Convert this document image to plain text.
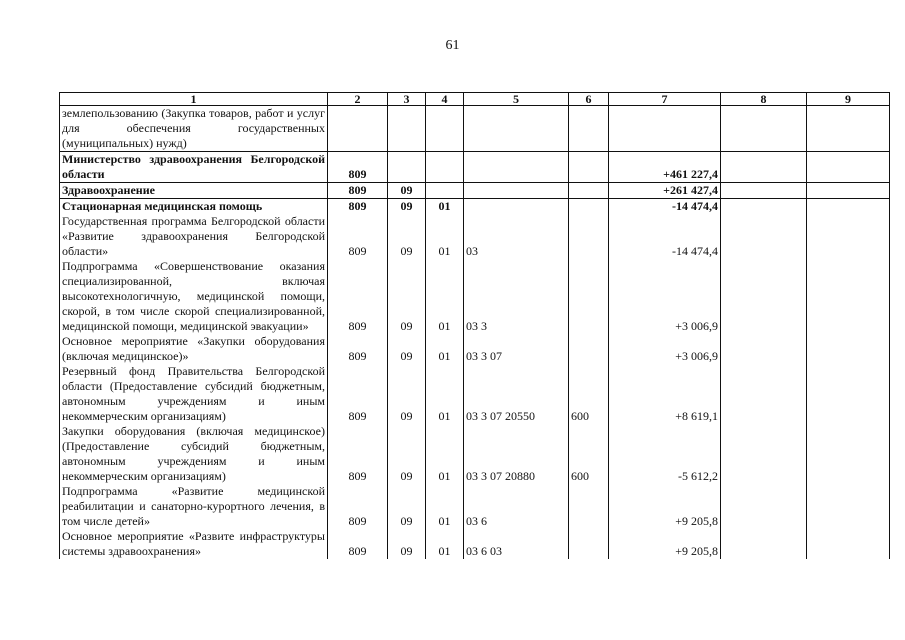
61
1	2	3	4	5	6	7	8	9
землепользованию (Закупка товаров, работ и услуг для обеспечения государственных (муниципальных) нужд)								
Министерство здравоохранения Белгородской области	809					+461 227,4		
Здравоохранение	809	09				+261 427,4		
Стационарная медицинская помощь	809	09	01			-14 474,4		
Государственная программа Белгородской области «Развитие здравоохранения Белгородской области»	809	09	01	03		-14 474,4		
Подпрограмма «Совершенствование оказания специализированной, включая высокотехнологичную, медицинской помощи, скорой, в том числе скорой специализированной, медицинской помощи, медицинской эвакуации»	809	09	01	03 3		+3 006,9		
Основное мероприятие «Закупки оборудования (включая медицинское)»	809	09	01	03 3 07		+3 006,9		
Резервный фонд Правительства Белгородской области (Предоставление субсидий бюджетным, автономным учреждениям и иным некоммерческим организациям)	809	09	01	03 3 07 20550	600	+8 619,1		
Закупки оборудования (включая медицинское) (Предоставление субсидий бюджетным, автономным учреждениям и иным некоммерческим организациям)	809	09	01	03 3 07 20880	600	-5 612,2		
Подпрограмма «Развитие медицинской реабилитации и санаторно-курортного лечения, в том числе детей»	809	09	01	03 6		+9 205,8		
Основное мероприятие «Развите инфраструктуры системы здравоохранения»	809	09	01	03 6 03		+9 205,8		
